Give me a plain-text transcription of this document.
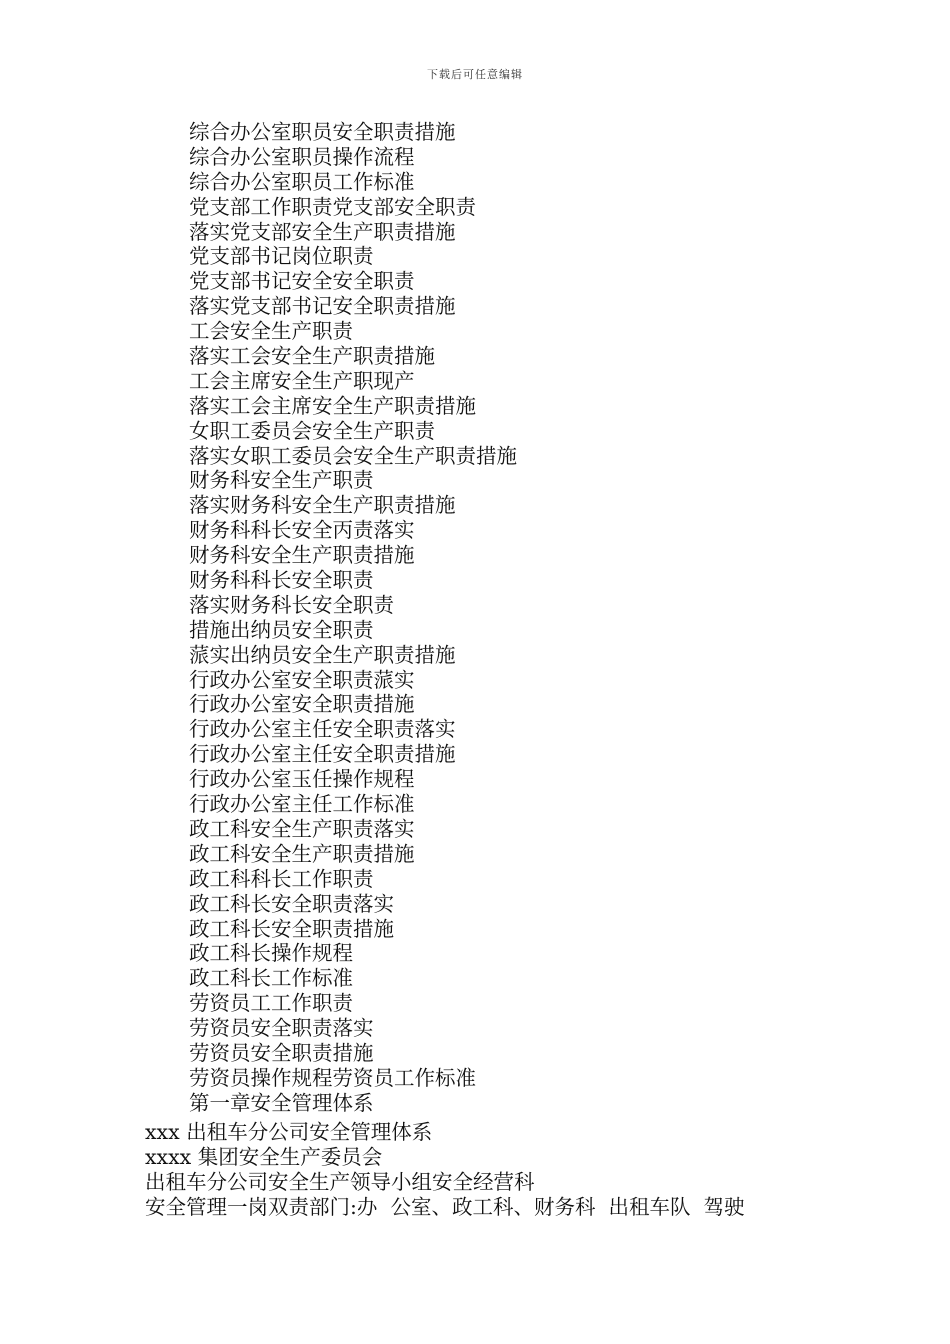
下载后可任意编辑
综合办公室职员安全职责措施
综合办公室职员操作流程
综合办公室职员工作标准
党支部工作职责党支部安全职责
落实党支部安全生产职责措施
党支部书记岗位职责
党支部书记安全安全职责
落实党支部书记安全职责措施
工会安全生产职责
落实工会安全生产职责措施
工会主席安全生产职现产
落实工会主席安全生产职责措施
女职工委员会安全生产职责
落实女职工委员会安全生产职责措施
财务科安全生产职责
落实财务科安全生产职责措施
财务科科长安全丙责落实
财务科安全生产职责措施
财务科科长安全职责
落实财务科长安全职责
措施出纳员安全职责
蒎实出纳员安全生产职责措施
行政办公室安全职责蒎实
行政办公室安全职责措施
行政办公室主任安全职责落实
行政办公室主任安全职责措施
行政办公室玉任操作规程
行政办公室主任工作标准
政工科安全生产职责落实
政工科安全生产职责措施
政工科科长工作职责
政工科长安全职责落实
政工科长安全职责措施
政工科长操作规程
政工科长工作标准
劳资员工工作职责
劳资员安全职责落实
劳资员安全职责措施
劳资员操作规程劳资员工作标准
第一章安全管理体系
xxx 出租车分公司安全管理体系
xxxx 集团安全生产委员会
出租车分公司安全生产领导小组安全经营科
安全管理一岗双责部门:办  公室、政工科、财务科  出租车队  驾驶
